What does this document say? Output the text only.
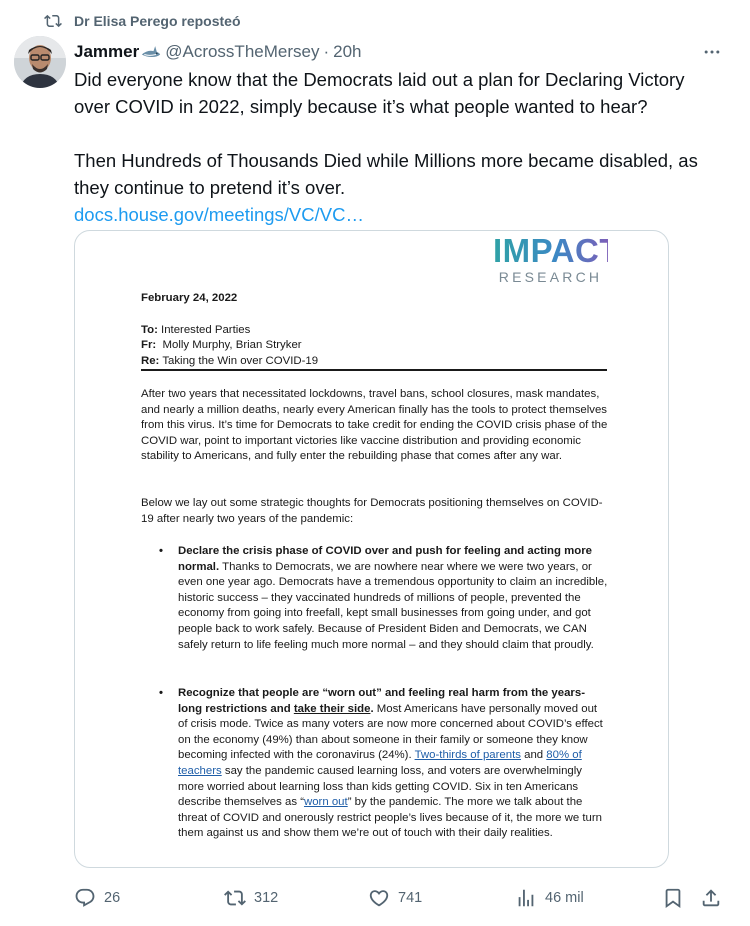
Dr Elisa Perego reposteó
Jammer @AcrossTheMersey · 20h

Did everyone know that the Democrats laid out a plan for Declaring Victory over COVID in 2022, simply because it’s what people wanted to hear?

Then Hundreds of Thousands Died while Millions more became disabled, as they continue to pretend it’s over.

docs.house.gov/meetings/VC/VC…

IMPACT
RESEARCH
February 24, 2022
To: Interested Parties
Fr: Molly Murphy, Brian Stryker
Re: Taking the Win over COVID-19
After two years that necessitated lockdowns, travel bans, school closures, mask mandates, and nearly a million deaths, nearly every American finally has the tools to protect themselves from this virus. It’s time for Democrats to take credit for ending the COVID crisis phase of the COVID war, point to important victories like vaccine distribution and providing economic stability to Americans, and fully enter the rebuilding phase that comes after any war.
Below we lay out some strategic thoughts for Democrats positioning themselves on COVID-19 after nearly two years of the pandemic:
• Declare the crisis phase of COVID over and push for feeling and acting more normal. Thanks to Democrats, we are nowhere near where we were two years, or even one year ago. Democrats have a tremendous opportunity to claim an incredible, historic success – they vaccinated hundreds of millions of people, prevented the economy from going into freefall, kept small businesses from going under, and got people back to work safely. Because of President Biden and Democrats, we CAN safely return to life feeling much more normal – and they should claim that proudly.
• Recognize that people are “worn out” and feeling real harm from the years-long restrictions and take their side. Most Americans have personally moved out of crisis mode. Twice as many voters are now more concerned about COVID’s effect on the economy (49%) than about someone in their family or someone they know becoming infected with the coronavirus (24%). Two-thirds of parents and 80% of teachers say the pandemic caused learning loss, and voters are overwhelmingly more worried about learning loss than kids getting COVID. Six in ten Americans describe themselves as “worn out” by the pandemic. The more we talk about the threat of COVID and onerously restrict people’s lives because of it, the more we turn them against us and show them we’re out of touch with their daily realities.
26	312	741	46 mil
